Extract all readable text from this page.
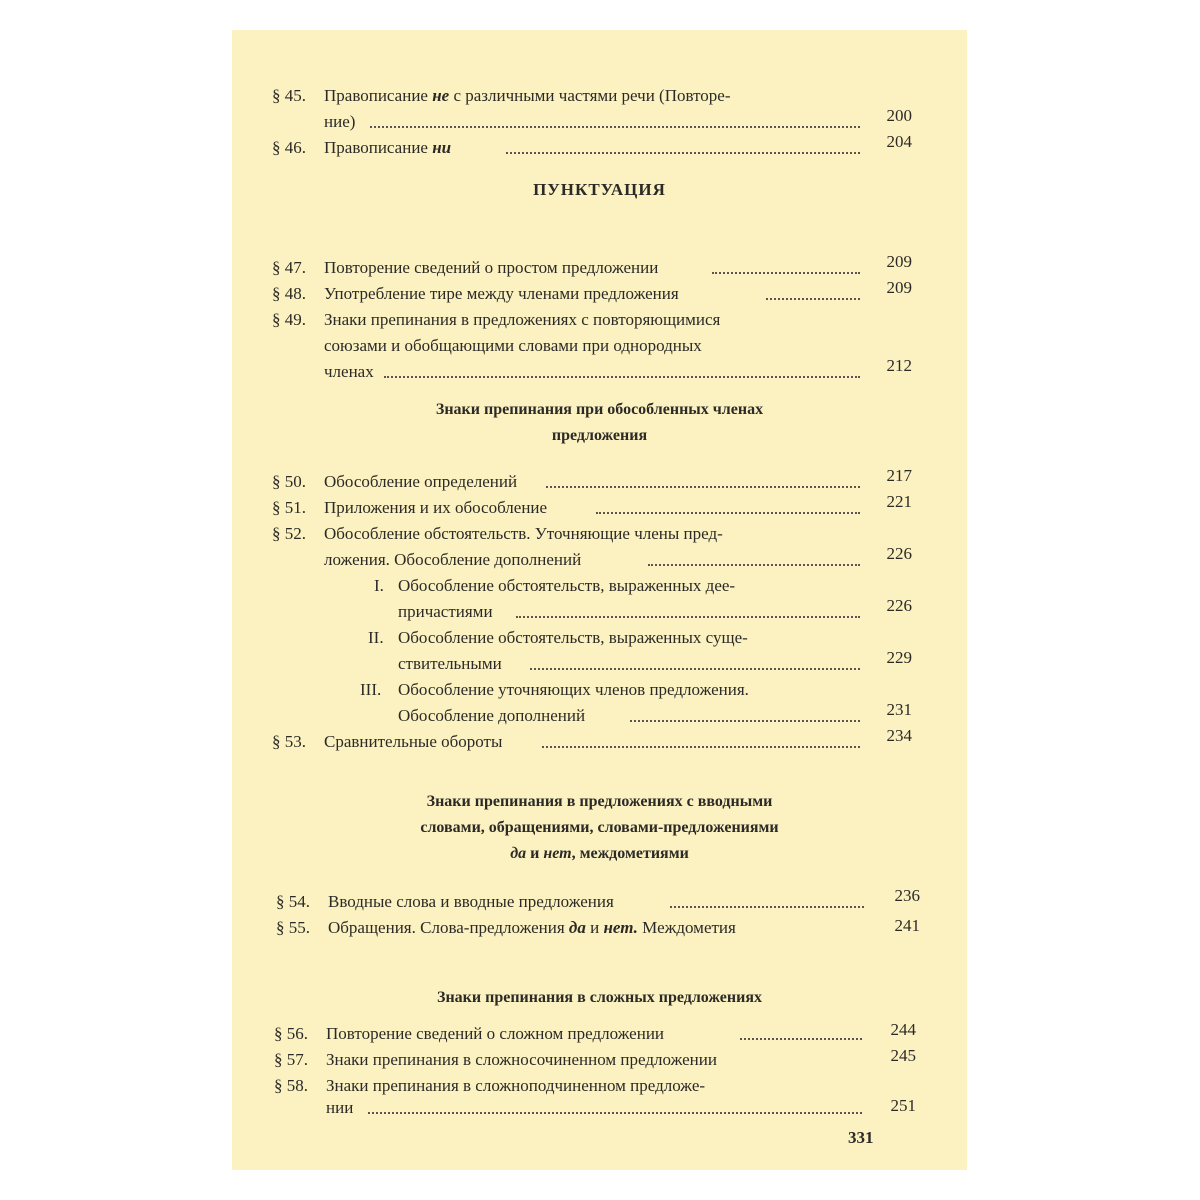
§ 45. Правописание не с различными частями речи (Повторе-
ние)	200
§ 46. Правописание ни	204
ПУНКТУАЦИЯ
§ 47. Повторение сведений о простом предложении	209
§ 48. Употребление тире между членами предложения	209
§ 49. Знаки препинания в предложениях с повторяющимися
союзами и обобщающими словами при однородных
членах	212
Знаки препинания при обособленных членах
предложения
§ 50. Обособление определений	217
§ 51. Приложения и их обособление	221
§ 52. Обособление обстоятельств. Уточняющие члены пред-
ложения. Обособление дополнений	226
I. Обособление обстоятельств, выраженных дее-
причастиями	226
II. Обособление обстоятельств, выраженных суще-
ствительными	229
III. Обособление уточняющих членов предложения.
Обособление дополнений	231
§ 53. Сравнительные обороты	234
Знаки препинания в предложениях с вводными
словами, обращениями, словами-предложениями
да и нет, междометиями
§ 54. Вводные слова и вводные предложения	236
§ 55. Обращения. Слова-предложения да и нет. Междометия	241
Знаки препинания в сложных предложениях
§ 56. Повторение сведений о сложном предложении	244
§ 57. Знаки препинания в сложносочиненном предложении	245
§ 58. Знаки препинания в сложноподчиненном предложе-
нии	251
331
